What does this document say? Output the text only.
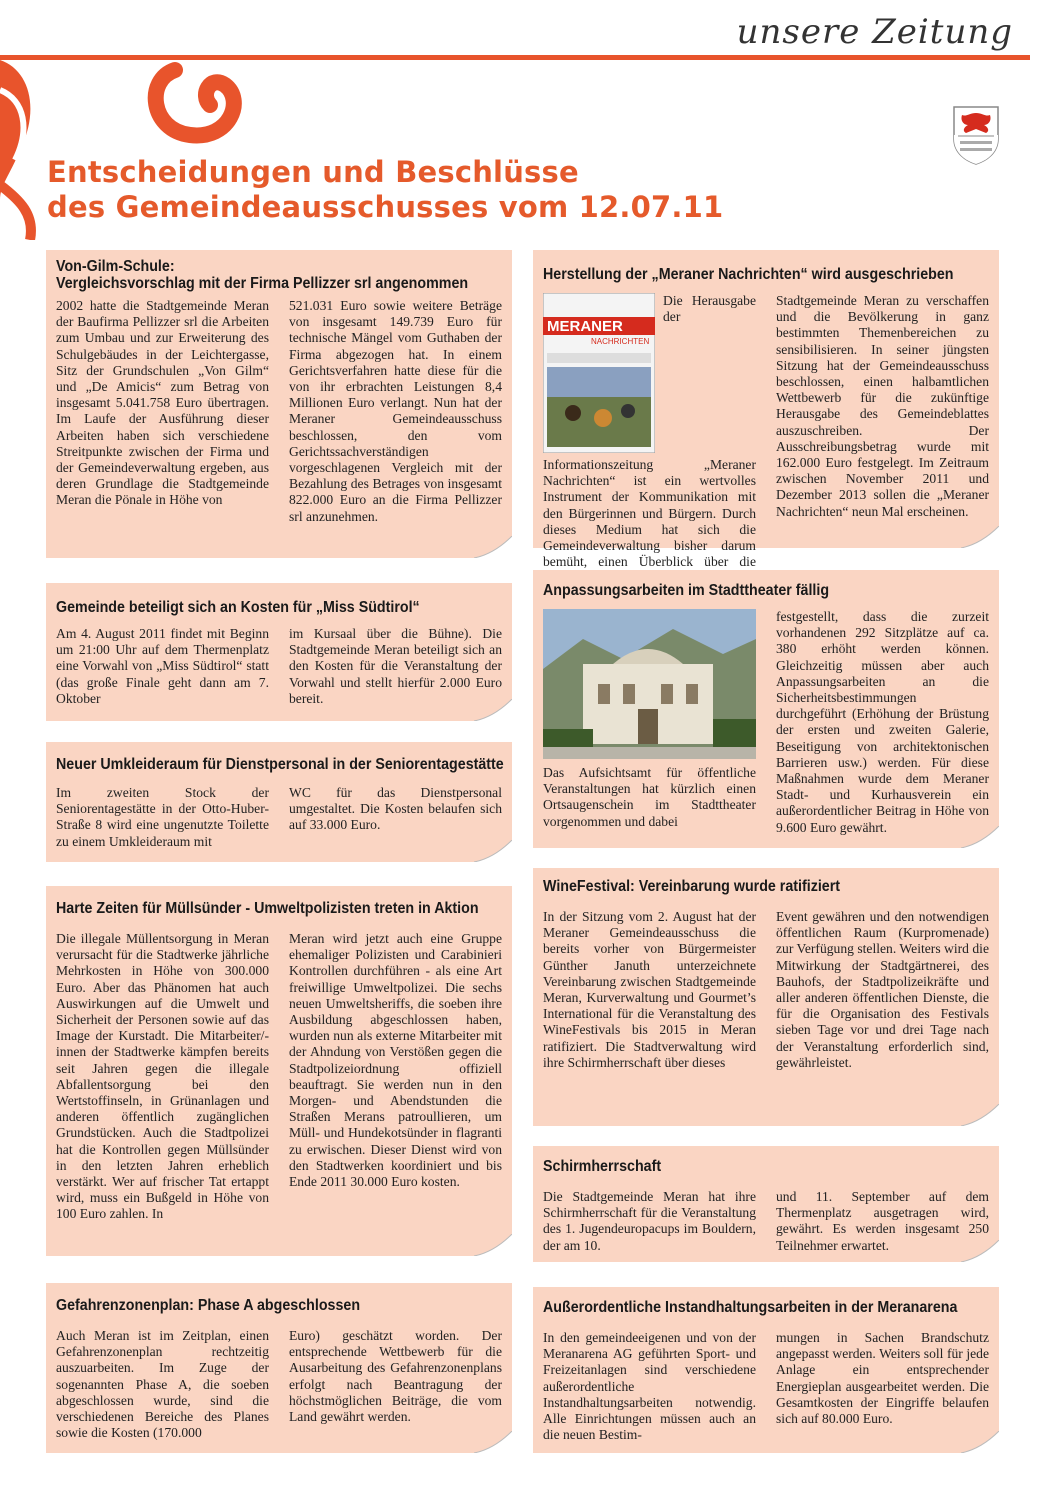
unsere Zeitung
Entscheidungen und Beschlüsse
des Gemeindeausschusses vom 12.07.11
Von-Gilm-Schule:
Vergleichsvorschlag mit der Firma Pellizzer srl angenommen

2002 hatte die Stadtgemeinde Meran der Baufirma Pellizzer srl die Arbeiten zum Umbau und zur Erweiterung des Schulgebäudes in der Leichtergasse, Sitz der Grundschulen „Von Gilm“ und „De Amicis“ zum Betrag von insgesamt 5.041.758 Euro übertragen. Im Laufe der Ausführung dieser Arbeiten haben sich verschiedene Streitpunkte zwischen der Firma und der Gemeindeverwaltung ergeben, aus deren Grundlage die Stadtgemeinde Meran die Pönale in Höhe von

521.031 Euro sowie weitere Beträge von insgesamt 149.739 Euro für technische Mängel vom Guthaben der Firma abgezogen hat. In einem Gerichtsverfahren hatte diese für die von ihr erbrachten Leistungen 8,4 Millionen Euro verlangt. Nun hat der Meraner Gemeindeausschuss beschlossen, den vom Gerichtssachverständigen vorgeschlagenen Vergleich mit der Bezahlung des Betrages von insgesamt 822.000 Euro an die Firma Pellizzer srl anzunehmen.

Gemeinde beteiligt sich an Kosten für „Miss Südtirol“

Am 4. August 2011 findet mit Beginn um 21:00 Uhr auf dem Thermenplatz eine Vorwahl von „Miss Südtirol“ statt (das große Finale geht dann am 7. Oktober

im Kursaal über die Bühne). Die Stadtgemeinde Meran beteiligt sich an den Kosten für die Veranstaltung der Vorwahl und stellt hierfür 2.000 Euro bereit.

Neuer Umkleideraum für Dienstpersonal in der Seniorentagestätte

Im zweiten Stock der Seniorentagestätte in der Otto-Huber-Straße 8 wird eine ungenutzte Toilette zu einem Umkleideraum mit

WC für das Dienstpersonal umgestaltet. Die Kosten belaufen sich auf 33.000 Euro.

Harte Zeiten für Müllsünder - Umweltpolizisten treten in Aktion

Die illegale Müllentsorgung in Meran verursacht für die Stadtwerke jährliche Mehrkosten in Höhe von 300.000 Euro. Aber das Phänomen hat auch Auswirkungen auf die Umwelt und Sicherheit der Personen sowie auf das Image der Kurstadt. Die Mitarbeiter/-innen der Stadtwerke kämpfen bereits seit Jahren gegen die illegale Abfallentsorgung bei den Wertstoffinseln, in Grünanlagen und anderen öffentlich zugänglichen Grundstücken. Auch die Stadtpolizei hat die Kontrollen gegen Müllsünder in den letzten Jahren erheblich verstärkt. Wer auf frischer Tat ertappt wird, muss ein Bußgeld in Höhe von 100 Euro zahlen. In

Meran wird jetzt auch eine Gruppe ehemaliger Polizisten und Carabinieri Kontrollen durchführen - als eine Art freiwillige Umweltpolizei. Die sechs neuen Umweltsheriffs, die soeben ihre Ausbildung abgeschlossen haben, wurden nun als externe Mitarbeiter mit der Ahndung von Verstößen gegen die Stadtpolizeiordnung offiziell beauftragt. Sie werden nun in den Morgen- und Abendstunden die Straßen Merans patroullieren, um Müll- und Hundekotsünder in flagranti zu erwischen. Dieser Dienst wird von den Stadtwerken koordiniert und bis Ende 2011 30.000 Euro kosten.

Gefahrenzonenplan: Phase A abgeschlossen

Auch Meran ist im Zeitplan, einen Gefahrenzonenplan rechtzeitig auszuarbeiten. Im Zuge der sogenannten Phase A, die soeben abgeschlossen wurde, sind die verschiedenen Bereiche des Planes sowie die Kosten (170.000

Euro) geschätzt worden. Der entsprechende Wettbewerb für die Ausarbeitung des Gefahrenzonenplans erfolgt nach Beantragung der höchstmöglichen Beiträge, die vom Land gewährt werden.

Herstellung der „Meraner Nachrichten“ wird ausgeschrieben

MERANER
NACHRICHTEN
Die Herausgabe der Informationszeitung „Meraner Nachrichten“ ist ein wertvolles Instrument der Kommunikation mit den Bürgerinnen und Bürgern. Durch dieses Medium hat sich die Gemeindeverwaltung bisher darum bemüht, einen Überblick über die

Stadtgemeinde Meran zu verschaffen und die Bevölkerung in ganz bestimmten Themenbereichen zu sensibilisieren. In seiner jüngsten Sitzung hat der Gemeindeausschuss beschlossen, einen halbamtlichen Wettbewerb für die zukünftige Herausgabe des Gemeindeblattes auszuschreiben. Der Ausschreibungsbetrag wurde mit 162.000 Euro festgelegt. Im Zeitraum zwischen November 2011 und Dezember 2013 sollen die „Meraner Nachrichten“ neun Mal erscheinen.

Anpassungsarbeiten im Stadttheater fällig

Das Aufsichtsamt für öffentliche Veranstaltungen hat kürzlich einen Ortsaugenschein im Stadttheater vorgenommen und dabei

festgestellt, dass die zurzeit vorhandenen 292 Sitzplätze auf ca. 380 erhöht werden können. Gleichzeitig müssen aber auch Anpassungsarbeiten an die Sicherheitsbestimmungen durchgeführt (Erhöhung der Brüstung der ersten und zweiten Galerie, Beseitigung von architektonischen Barrieren usw.) werden. Für diese Maßnahmen wurde dem Meraner Stadt- und Kurhausverein ein außerordentlicher Beitrag in Höhe von 9.600 Euro gewährt.

WineFestival: Vereinbarung wurde ratifiziert

In der Sitzung vom 2. August hat der Meraner Gemeindeausschuss die bereits vorher von Bürgermeister Günther Januth unterzeichnete Vereinbarung zwischen Stadtgemeinde Meran, Kurverwaltung und Gourmet’s International für die Veranstaltung des WineFestivals bis 2015 in Meran ratifiziert. Die Stadtverwaltung wird ihre Schirmherrschaft über dieses

Event gewähren und den notwendigen öffentlichen Raum (Kurpromenade) zur Verfügung stellen. Weiters wird die Mitwirkung der Stadtgärtnerei, des Bauhofs, der Stadtpolizeikräfte und aller anderen öffentlichen Dienste, die für die Organisation des Festivals sieben Tage vor und drei Tage nach der Veranstaltung erforderlich sind, gewährleistet.

Schirmherrschaft

Die Stadtgemeinde Meran hat ihre Schirmherrschaft für die Veranstaltung des 1. Jugendeuropacups im Bouldern, der am 10.

und 11. September auf dem Thermenplatz ausgetragen wird, gewährt. Es werden insgesamt 250 Teilnehmer erwartet.

Außerordentliche Instandhaltungsarbeiten in der Meranarena

In den gemeindeeigenen und von der Meranarena AG geführten Sport- und Freizeitanlagen sind verschiedene außerordentliche Instandhaltungsarbeiten notwendig. Alle Einrichtungen müssen auch an die neuen Bestim-

mungen in Sachen Brandschutz angepasst werden. Weiters soll für jede Anlage ein entsprechender Energieplan ausgearbeitet werden. Die Gesamtkosten der Eingriffe belaufen sich auf 80.000 Euro.
